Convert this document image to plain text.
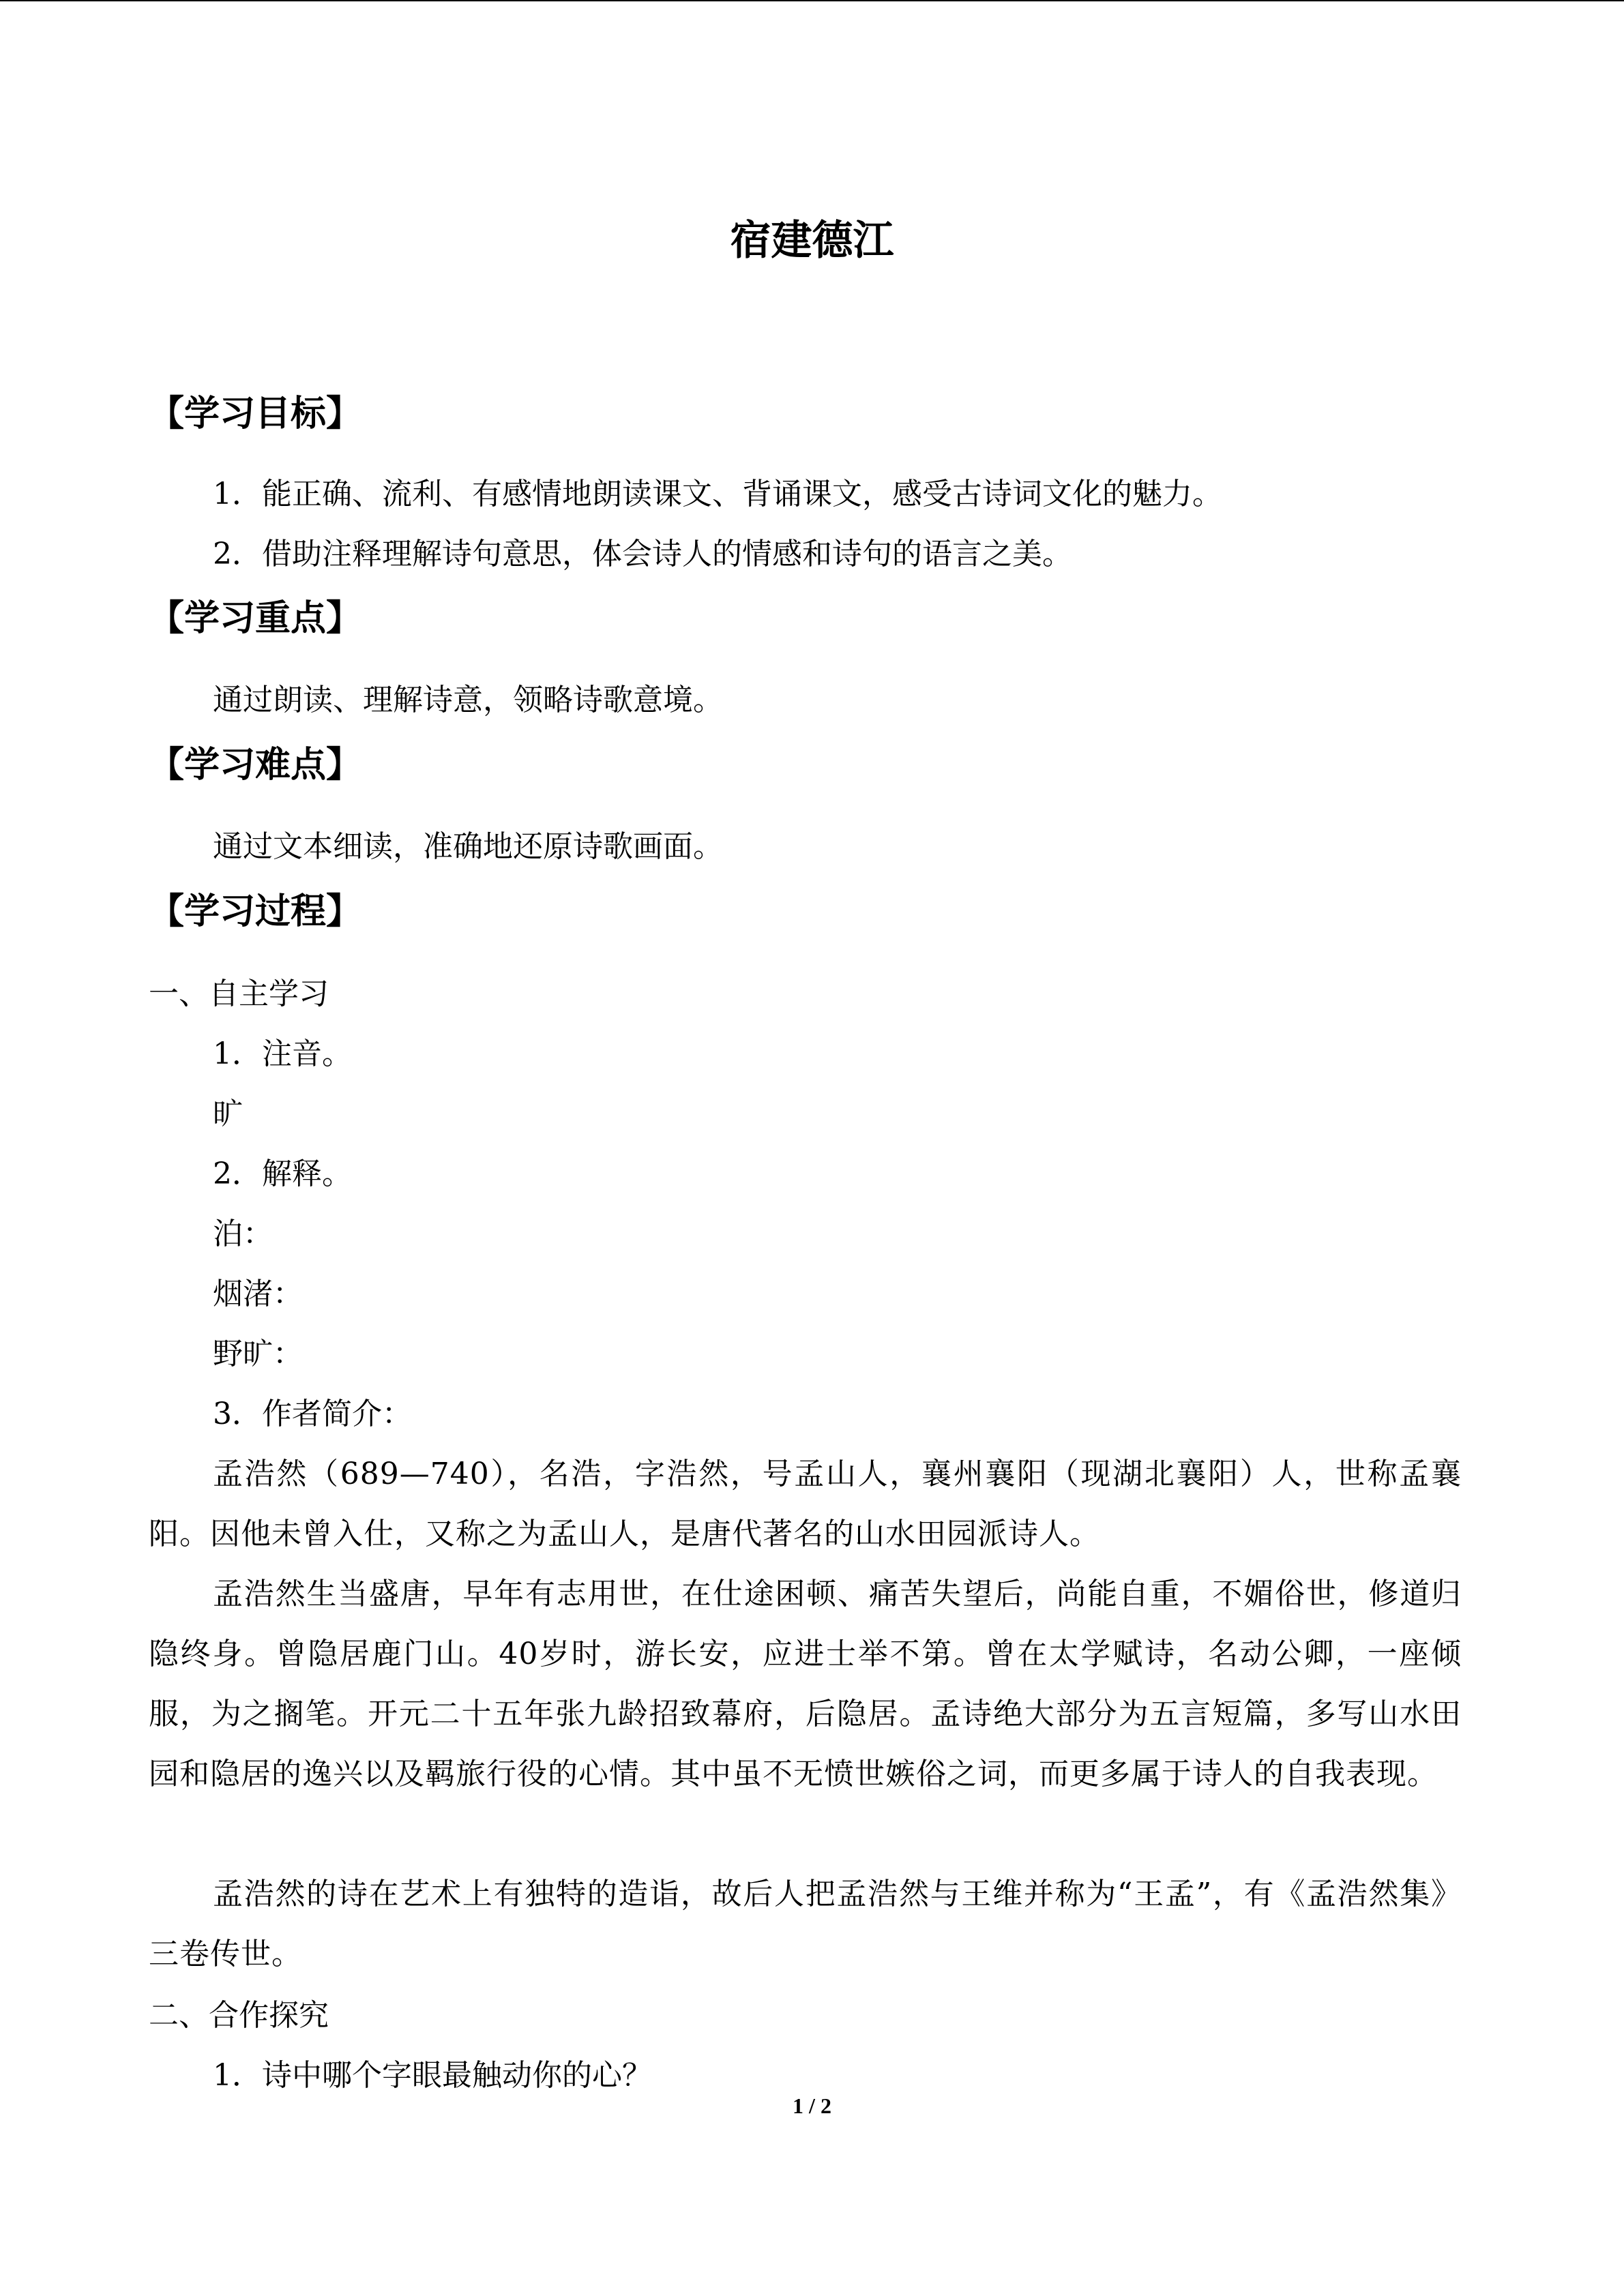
宿建德江
【学习目标】
1．能正确、流利、有感情地朗读课文、背诵课文，感受古诗词文化的魅力。
2．借助注释理解诗句意思，体会诗人的情感和诗句的语言之美。
【学习重点】
通过朗读、理解诗意，领略诗歌意境。
【学习难点】
通过文本细读，准确地还原诗歌画面。
【学习过程】
一、自主学习
1．注音。
旷
2．解释。
泊：
烟渚：
野旷：
3．作者简介：
孟浩然（689—740），名浩，字浩然，号孟山人，襄州襄阳（现湖北襄阳）人，世称孟襄阳。因他未曾入仕，又称之为孟山人，是唐代著名的山水田园派诗人。
孟浩然生当盛唐，早年有志用世，在仕途困顿、痛苦失望后，尚能自重，不媚俗世，修道归隐终身。曾隐居鹿门山。40岁时，游长安，应进士举不第。曾在太学赋诗，名动公卿，一座倾服，为之搁笔。开元二十五年张九龄招致幕府，后隐居。孟诗绝大部分为五言短篇，多写山水田园和隐居的逸兴以及羁旅行役的心情。其中虽不无愤世嫉俗之词，而更多属于诗人的自我表现。
孟浩然的诗在艺术上有独特的造诣，故后人把孟浩然与王维并称为“王孟”，有《孟浩然集》三卷传世。
二、合作探究
1．诗中哪个字眼最触动你的心？
1 / 2
